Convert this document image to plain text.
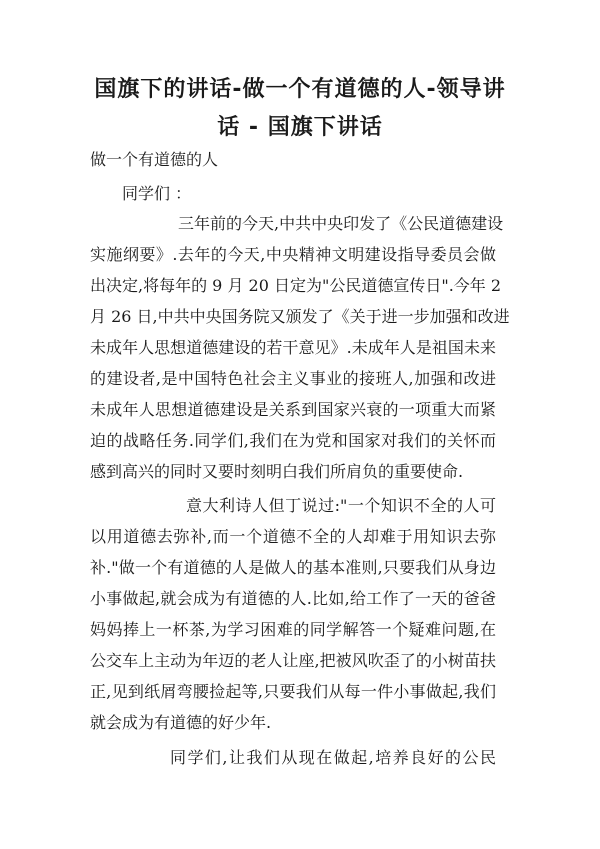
国旗下的讲话-做一个有道德的人-领导讲
话 - 国旗下讲话

做一个有道德的人

同学们 ：

三年前的今天,中共中央印发了《公民道德建设

实施纲要》.去年的今天,中央精神文明建设指导委员会做

出决定,将每年的 9 月 20 日定为"公民道德宣传日".今年 2

月 26 日,中共中央国务院又颁发了《关于进一步加强和改进

未成年人思想道德建设的若干意见》.未成年人是祖国未来

的建设者,是中国特色社会主义事业的接班人,加强和改进

未成年人思想道德建设是关系到国家兴衰的一项重大而紧

迫的战略任务.同学们,我们在为党和国家对我们的关怀而

感到高兴的同时又要时刻明白我们所肩负的重要使命.

意大利诗人但丁说过:"一个知识不全的人可

以用道德去弥补,而一个道德不全的人却难于用知识去弥

补."做一个有道德的人是做人的基本准则,只要我们从身边

小事做起,就会成为有道德的人.比如,给工作了一天的爸爸

妈妈捧上一杯茶,为学习困难的同学解答一个疑难问题,在

公交车上主动为年迈的老人让座,把被风吹歪了的小树苗扶

正,见到纸屑弯腰捡起等,只要我们从每一件小事做起,我们

就会成为有道德的好少年.

同学们,让我们从现在做起,培养良好的公民
